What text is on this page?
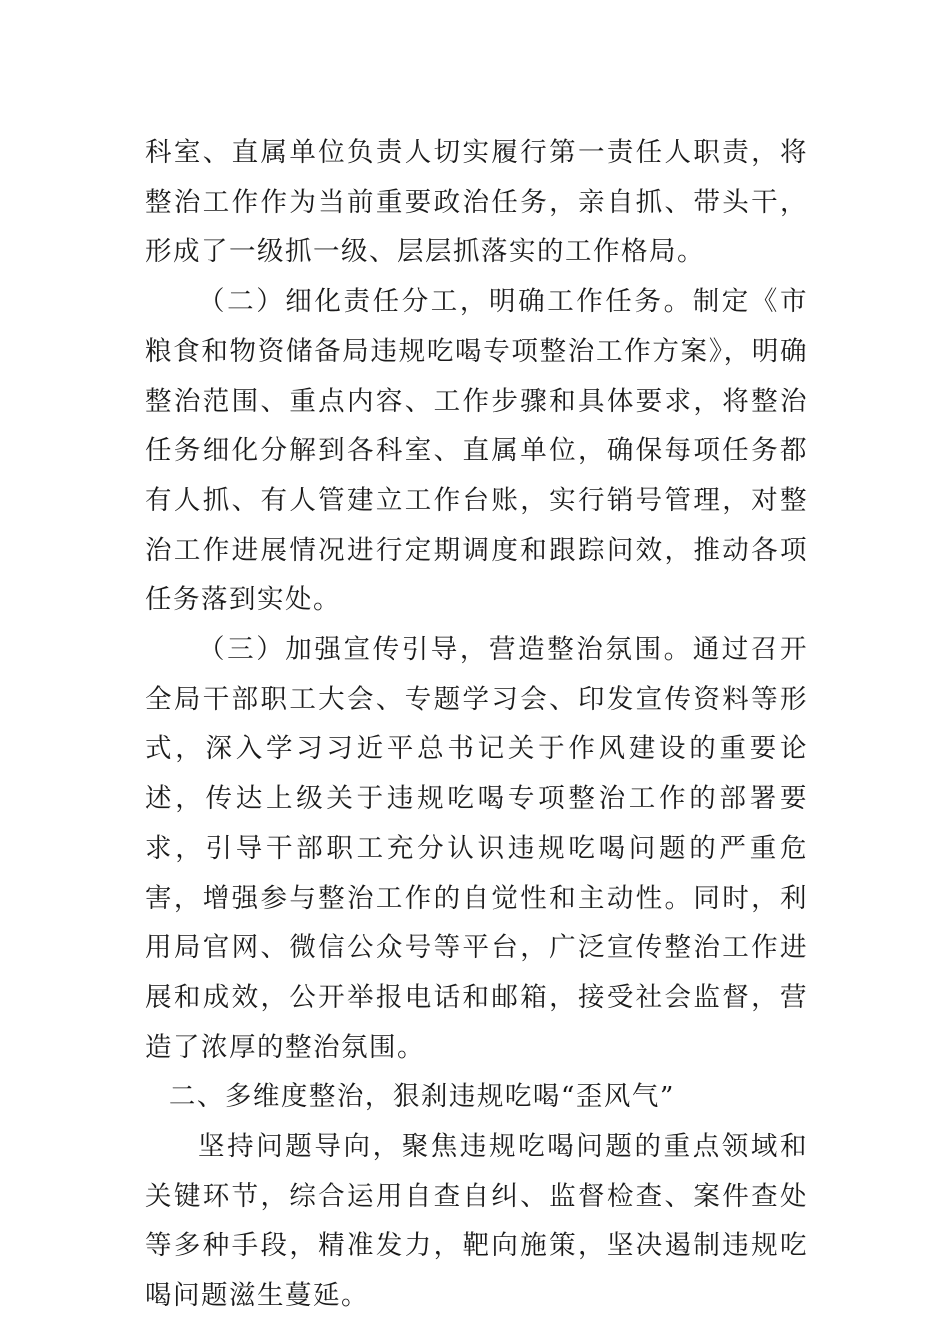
科室、直属单位负责人切实履行第一责任人职责，将整治工作作为当前重要政治任务，亲自抓、带头干，形成了一级抓一级、层层抓落实的工作格局。

（二）细化责任分工，明确工作任务。制定《市粮食和物资储备局违规吃喝专项整治工作方案》，明确整治范围、重点内容、工作步骤和具体要求，将整治任务细化分解到各科室、直属单位，确保每项任务都有人抓、有人管建立工作台账，实行销号管理，对整治工作进展情况进行定期调度和跟踪问效，推动各项任务落到实处。

（三）加强宣传引导，营造整治氛围。通过召开全局干部职工大会、专题学习会、印发宣传资料等形式，深入学习习近平总书记关于作风建设的重要论述，传达上级关于违规吃喝专项整治工作的部署要求，引导干部职工充分认识违规吃喝问题的严重危害，增强参与整治工作的自觉性和主动性。同时，利用局官网、微信公众号等平台，广泛宣传整治工作进展和成效，公开举报电话和邮箱，接受社会监督，营造了浓厚的整治氛围。

二、多维度整治，狠刹违规吃喝“歪风气”

坚持问题导向，聚焦违规吃喝问题的重点领域和关键环节，综合运用自查自纠、监督检查、案件查处等多种手段，精准发力，靶向施策，坚决遏制违规吃喝问题滋生蔓延。
